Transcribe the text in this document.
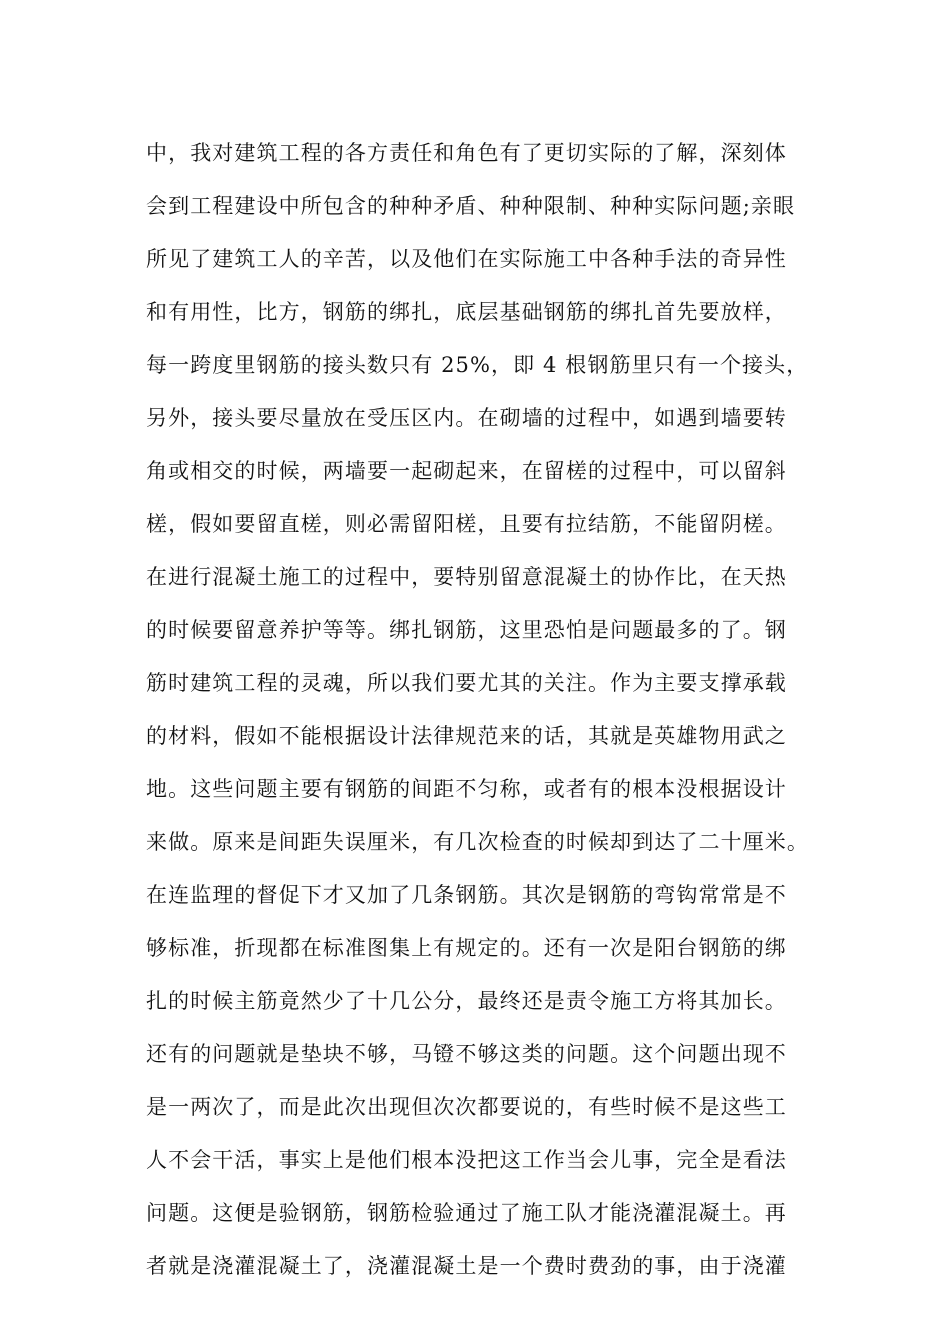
中，我对建筑工程的各方责任和角色有了更切实际的了解，深刻体
会到工程建设中所包含的种种矛盾、种种限制、种种实际问题;亲眼
所见了建筑工人的辛苦，以及他们在实际施工中各种手法的奇异性
和有用性，比方，钢筋的绑扎，底层基础钢筋的绑扎首先要放样，
每一跨度里钢筋的接头数只有 25%，即 4 根钢筋里只有一个接头，
另外，接头要尽量放在受压区内。在砌墙的过程中，如遇到墙要转
角或相交的时候，两墙要一起砌起来，在留槎的过程中，可以留斜
槎，假如要留直槎，则必需留阳槎，且要有拉结筋，不能留阴槎。
在进行混凝土施工的过程中，要特别留意混凝土的协作比，在天热
的时候要留意养护等等。绑扎钢筋，这里恐怕是问题最多的了。钢
筋时建筑工程的灵魂，所以我们要尤其的关注。作为主要支撑承载
的材料，假如不能根据设计法律规范来的话，其就是英雄物用武之
地。这些问题主要有钢筋的间距不匀称，或者有的根本没根据设计
来做。原来是间距失误厘米，有几次检查的时候却到达了二十厘米。
在连监理的督促下才又加了几条钢筋。其次是钢筋的弯钩常常是不
够标准，折现都在标准图集上有规定的。还有一次是阳台钢筋的绑
扎的时候主筋竟然少了十几公分，最终还是责令施工方将其加长。
还有的问题就是垫块不够，马镫不够这类的问题。这个问题出现不
是一两次了，而是此次出现但次次都要说的，有些时候不是这些工
人不会干活，事实上是他们根本没把这工作当会儿事，完全是看法
问题。这便是验钢筋，钢筋检验通过了施工队才能浇灌混凝土。再
者就是浇灌混凝土了，浇灌混凝土是一个费时费劲的事，由于浇灌
